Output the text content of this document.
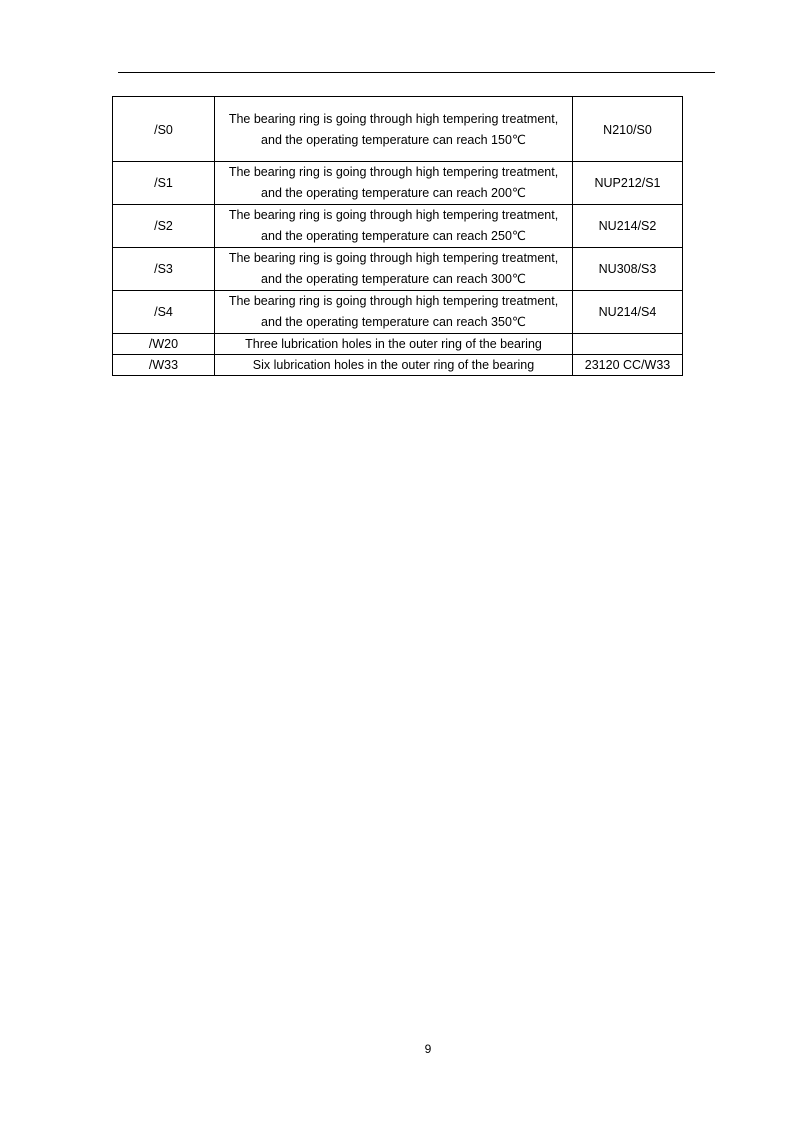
/S0	The bearing ring is going through high tempering treatment,
and the operating temperature can reach 150℃	N210/S0
/S1	The bearing ring is going through high tempering treatment,
and the operating temperature can reach 200℃	NUP212/S1
/S2	The bearing ring is going through high tempering treatment,
and the operating temperature can reach 250℃	NU214/S2
/S3	The bearing ring is going through high tempering treatment,
and the operating temperature can reach 300℃	NU308/S3
/S4	The bearing ring is going through high tempering treatment,
and the operating temperature can reach 350℃	NU214/S4
/W20	Three lubrication holes in the outer ring of the bearing	
/W33	Six lubrication holes in the outer ring of the bearing	23120 CC/W33
9
